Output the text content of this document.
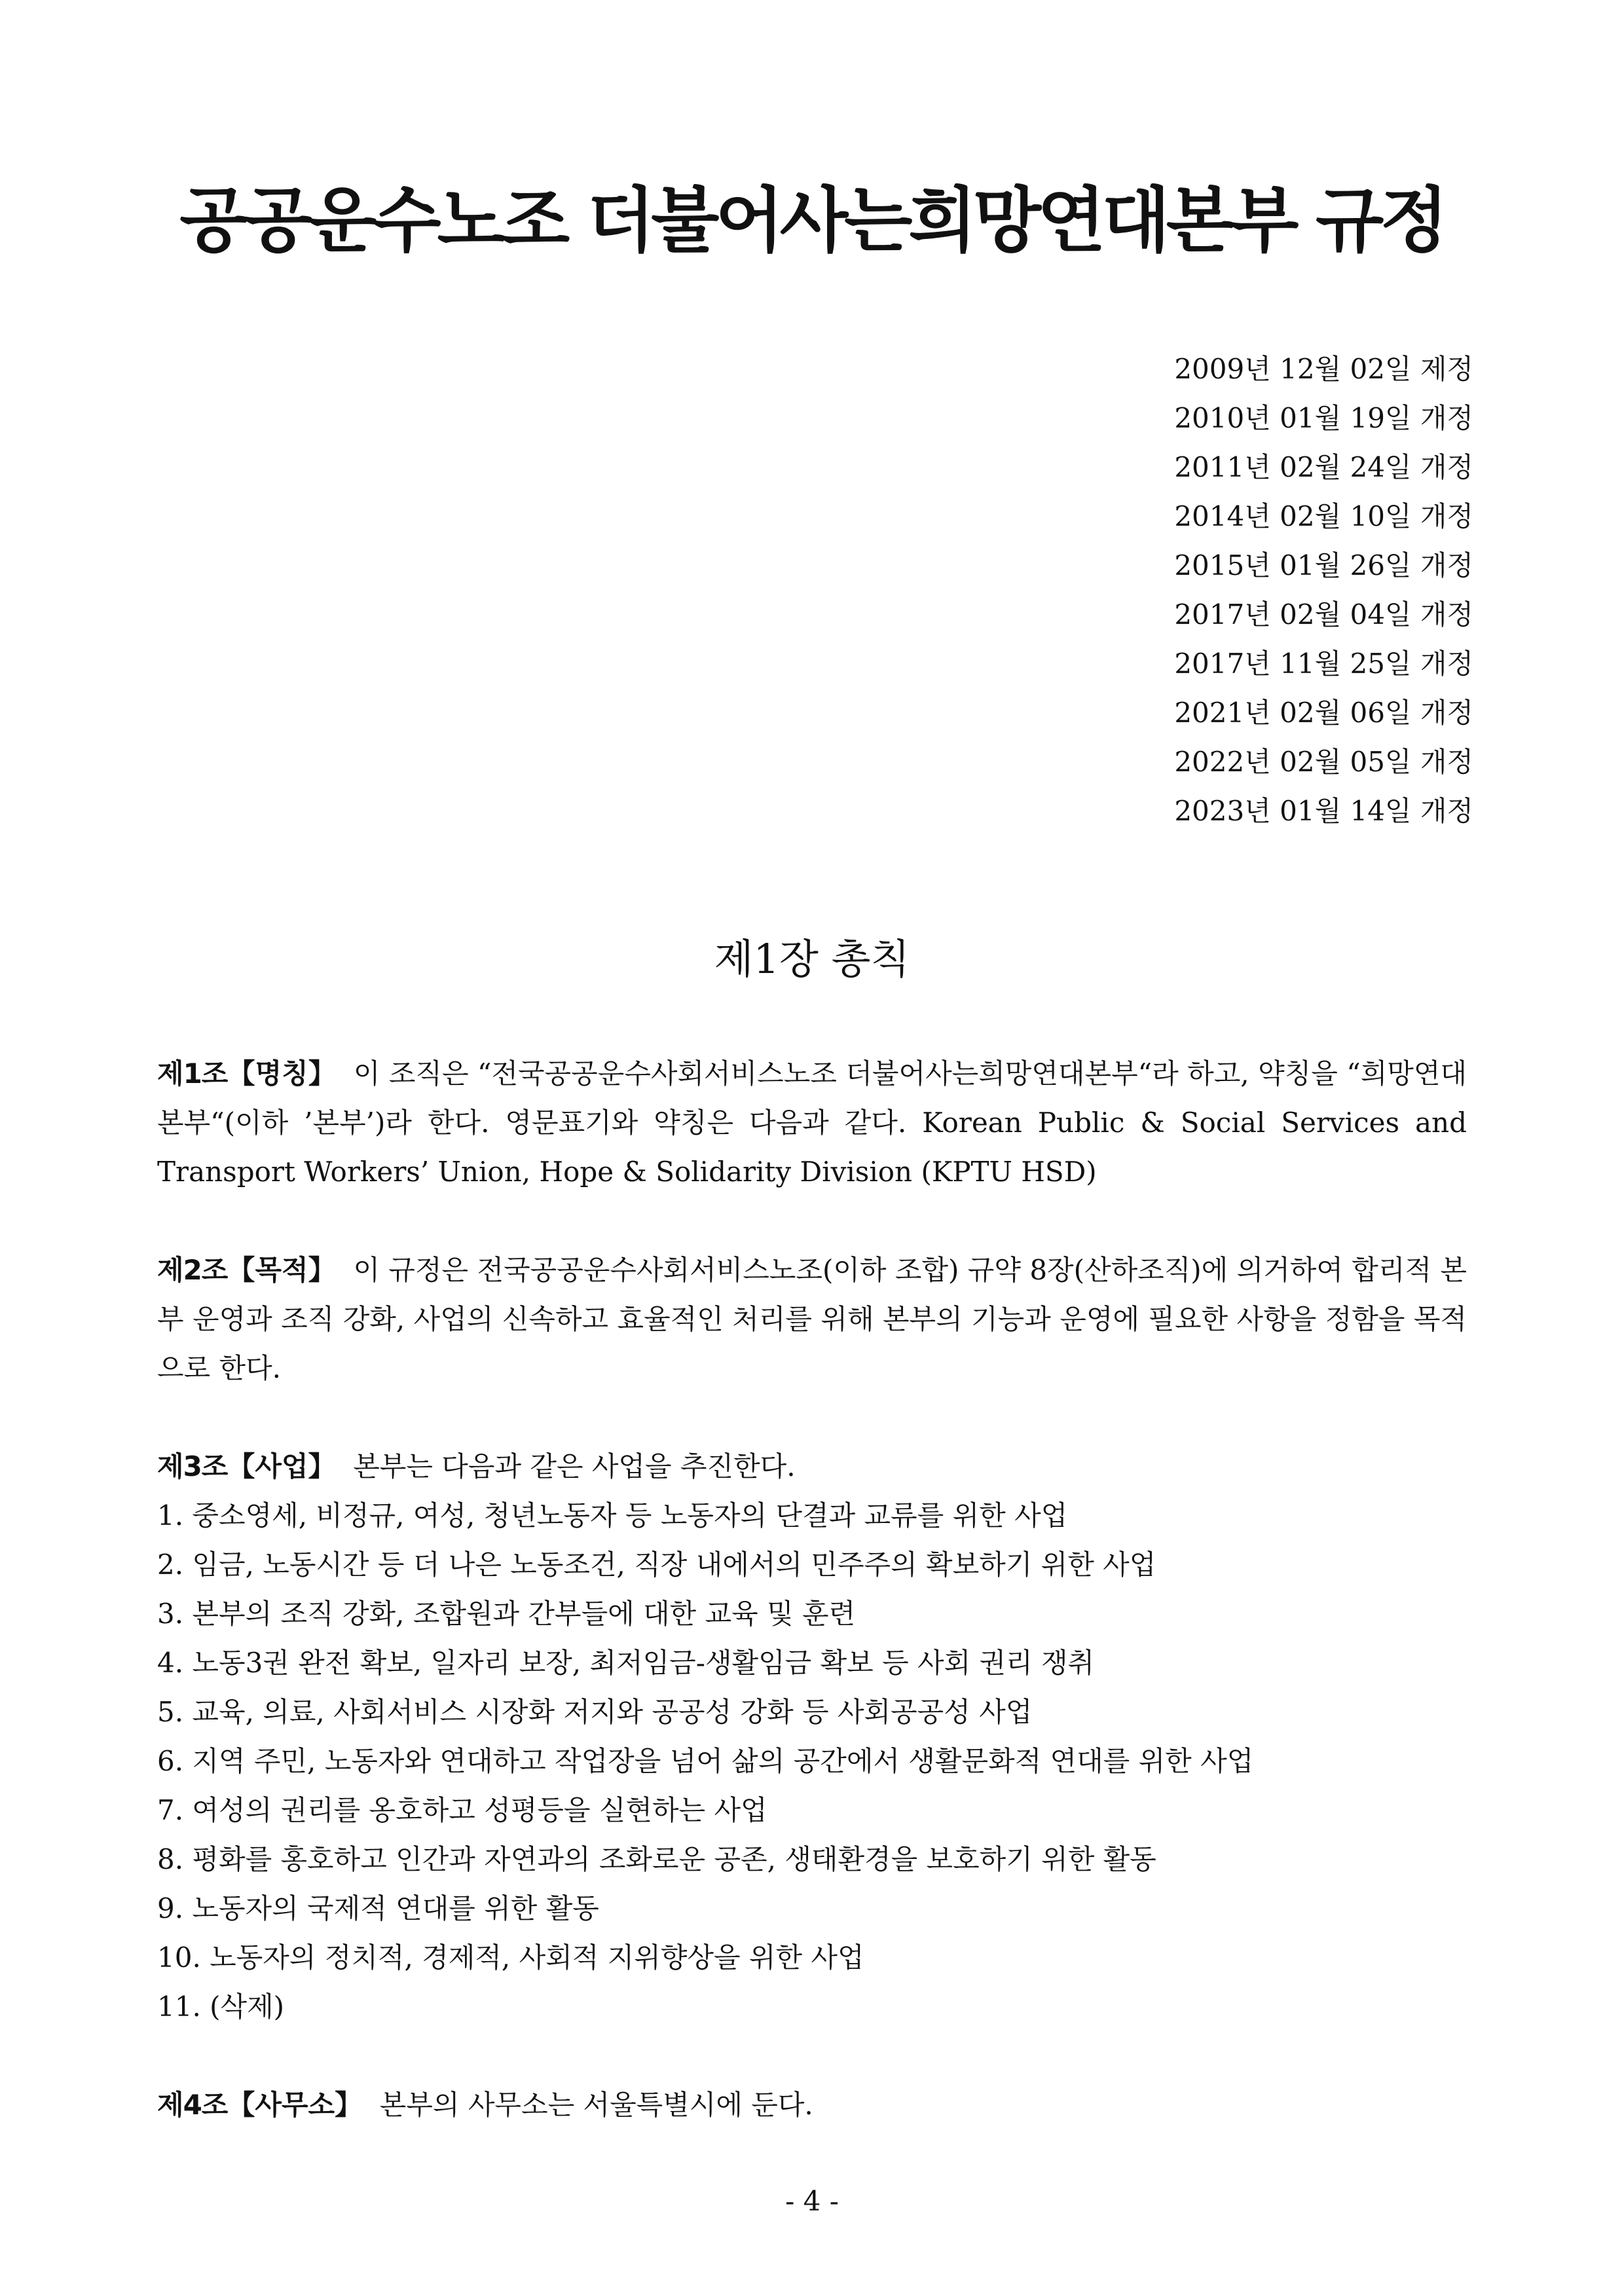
공공운수노조 더불어사는희망연대본부 규정
2009년 12월 02일 제정
2010년 01월 19일 개정
2011년 02월 24일 개정
2014년 02월 10일 개정
2015년 01월 26일 개정
2017년 02월 04일 개정
2017년 11월 25일 개정
2021년 02월 06일 개정
2022년 02월 05일 개정
2023년 01월 14일 개정
제1장 총칙

제1조【명칭】 이 조직은 “전국공공운수사회서비스노조 더불어사는희망연대본부“라 하고, 약칭을 “희망연대본부“(이하 ’본부’)라 한다. 영문표기와 약칭은 다음과 같다. Korean Public & Social Services and Transport Workers’ Union, Hope & Solidarity Division (KPTU HSD)

제2조【목적】 이 규정은 전국공공운수사회서비스노조(이하 조합) 규약 8장(산하조직)에 의거하여 합리적 본부 운영과 조직 강화, 사업의 신속하고 효율적인 처리를 위해 본부의 기능과 운영에 필요한 사항을 정함을 목적으로 한다.

제3조【사업】 본부는 다음과 같은 사업을 추진한다.

1. 중소영세, 비정규, 여성, 청년노동자 등 노동자의 단결과 교류를 위한 사업
2. 임금, 노동시간 등 더 나은 노동조건, 직장 내에서의 민주주의 확보하기 위한 사업
3. 본부의 조직 강화, 조합원과 간부들에 대한 교육 및 훈련
4. 노동3권 완전 확보, 일자리 보장, 최저임금-생활임금 확보 등 사회 권리 쟁취
5. 교육, 의료, 사회서비스 시장화 저지와 공공성 강화 등 사회공공성 사업
6. 지역 주민, 노동자와 연대하고 작업장을 넘어 삶의 공간에서 생활문화적 연대를 위한 사업
7. 여성의 권리를 옹호하고 성평등을 실현하는 사업
8. 평화를 홍호하고 인간과 자연과의 조화로운 공존, 생태환경을 보호하기 위한 활동
9. 노동자의 국제적 연대를 위한 활동
10. 노동자의 정치적, 경제적, 사회적 지위향상을 위한 사업
11. (삭제)

제4조【사무소】 본부의 사무소는 서울특별시에 둔다.

- 4 -
